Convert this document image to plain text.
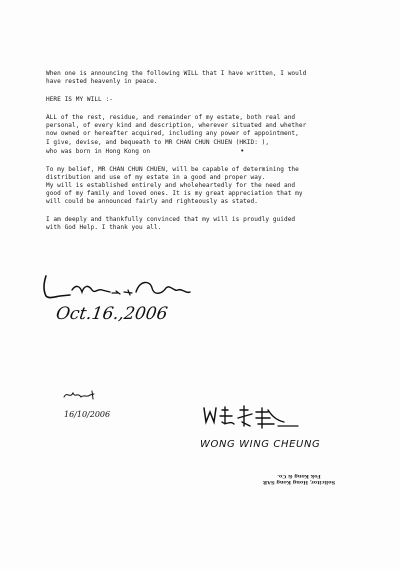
When one is announcing the following WILL that I have written, I would
have rested heavenly in peace.

HERE IS MY WILL :-

ALL of the rest, residue, and remainder of my estate, both real and
personal, of every kind and description, wherever situated and whether
now owned or hereafter acquired, including any power of appointment,
I give, devise, and bequeath to MR CHAN CHUN CHUEN (HKID: ),
who was born in Hong Kong on	•

To my belief, MR CHAN CHUN CHUEN, will be capable of determining the
distribution and use of my estate in a good and proper way.
My will is established entirely and wholeheartedly for the need and
good of my family and loved ones. It is my great appreciation that my
will could be announced fairly and righteously as stated.

I am deeply and thankfully convinced that my will is proudly guided
with God Help. I thank you all.

Oct.16.,2006
16/10/2006
WONG WING CHEUNG
Solicitor, Hong Kong SAR
Fok Kong & Co.
